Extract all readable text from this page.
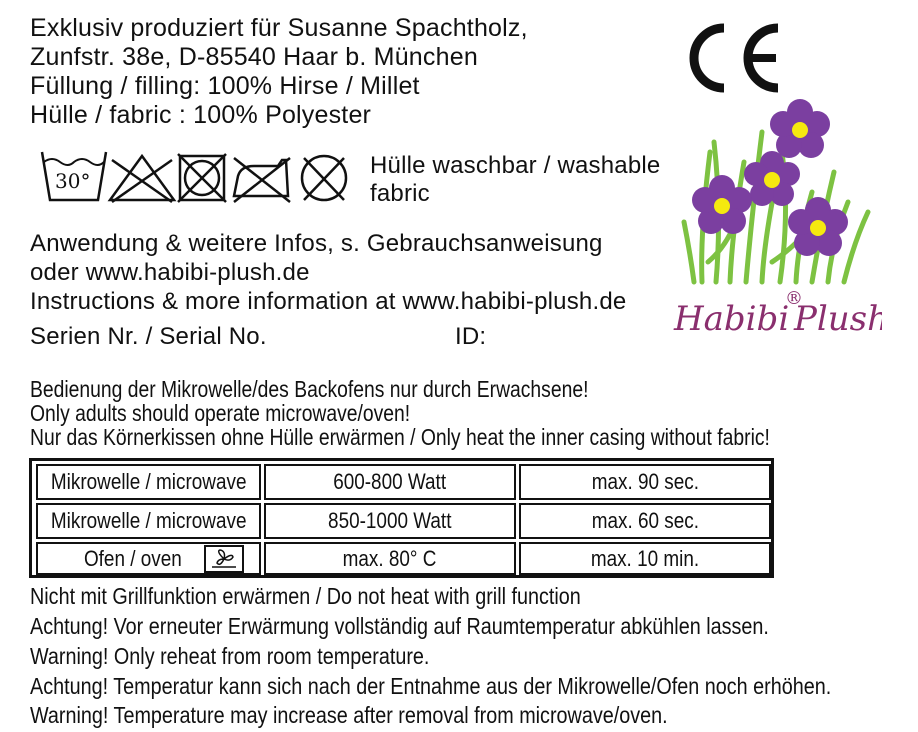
Exklusiv produziert für Susanne Spachtholz,
Zunfstr. 38e, D-85540 Haar b. München
Füllung / filling: 100% Hirse / Millet
Hülle / fabric : 100% Polyester
30°
Hülle waschbar / washable
fabric
Anwendung & weitere Infos, s. Gebrauchsanweisung
oder www.habibi-plush.de
Instructions & more information at www.habibi-plush.de
Serien Nr. / Serial No.	ID:	Habibi
®
Plush
Bedienung der Mikrowelle/des Backofens nur durch Erwachsene!
Only adults should operate microwave/oven!
Nur das Körnerkissen ohne Hülle erwärmen / Only heat the inner casing without fabric!
Mikrowelle / microwave	600-800 Watt	max. 90 sec.
Mikrowelle / microwave	850-1000 Watt	max. 60 sec.
Ofen / oven	max. 80° C	max. 10 min.
Nicht mit Grillfunktion erwärmen / Do not heat with grill function
Achtung! Vor erneuter Erwärmung vollständig auf Raumtemperatur abkühlen lassen.
Warning! Only reheat from room temperature.
Achtung! Temperatur kann sich nach der Entnahme aus der Mikrowelle/Ofen noch erhöhen.
Warning! Temperature may increase after removal from microwave/oven.
